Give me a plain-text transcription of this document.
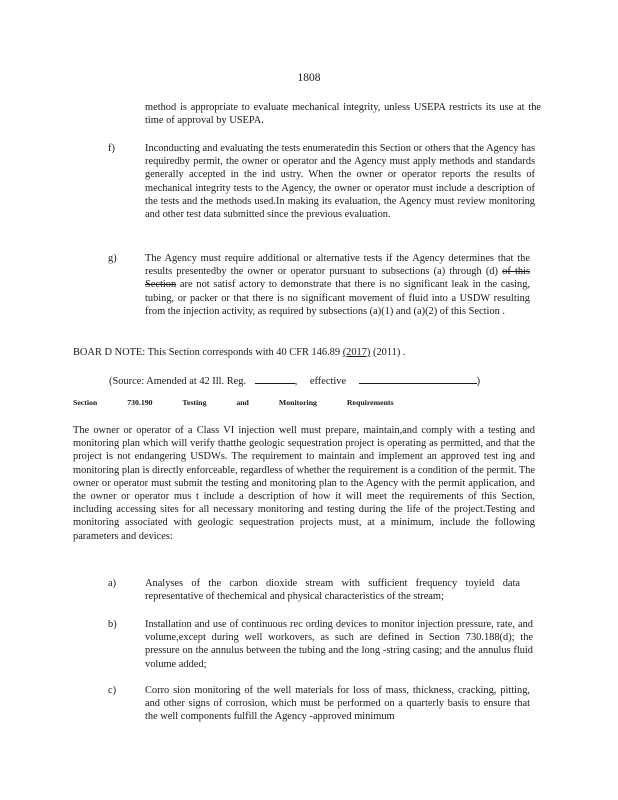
1808
method is appropriate to evaluate mechanical integrity, unless USEPA restricts its use at the time of approval by USEPA.
f)	Inconducting and evaluating the tests enumeratedin this Section or others that the Agency has requiredby permit, the owner or operator and the Agency must apply methods and standards generally accepted in the ind ustry. When the owner or operator reports the results of mechanical integrity tests to the Agency, the owner or operator must include a description of the tests and the methods used.In making its evaluation, the Agency must review monitoring and other test data submitted since the previous evaluation.
g)	The Agency must require additional or alternative tests if the Agency determines that the results presentedby the owner or operator pursuant to subsections (a) through (d) of this Section are not satisf actory to demonstrate that there is no significant leak in the casing, tubing, or packer or that there is no significant movement of fluid into a USDW resulting from the injection activity, as required by subsections (a)(1) and (a)(2) of this Section .
BOAR D NOTE: This Section corresponds with 40 CFR 146.89 (2017) (2011) .
(Source: Amended at 42 Ill. Reg.	, effective	)
Section	730.190	Testing	and	Monitoring	Requirements
The owner or operator of a Class VI injection well must prepare, maintain,and comply with a testing and monitoring plan which will verify thatthe geologic sequestration project is operating as permitted, and that the project is not endangering USDWs. The requirement to maintain and implement an approved test ing and monitoring plan is directly enforceable, regardless of whether the requirement is a condition of the permit. The owner or operator must submit the testing and monitoring plan to the Agency with the permit application, and the owner or operator mus t include a description of how it will meet the requirements of this Section, including accessing sites for all necessary monitoring and testing during the life of the project.Testing and monitoring associated with geologic sequestration projects must, at a minimum, include the following parameters and devices:
a)	Analyses of the carbon dioxide stream with sufficient frequency toyield data representative of thechemical and physical characteristics of the stream;
b)	Installation and use of continuous rec ording devices to monitor injection pressure, rate, and volume,except during well workovers, as such are defined in Section 730.188(d); the pressure on the annulus between the tubing and the long -string casing; and the annulus fluid volume added;
c)	Corro sion monitoring of the well materials for loss of mass, thickness, cracking, pitting, and other signs of corrosion, which must be performed on a quarterly basis to ensure that the well components fulfill the Agency -approved minimum
